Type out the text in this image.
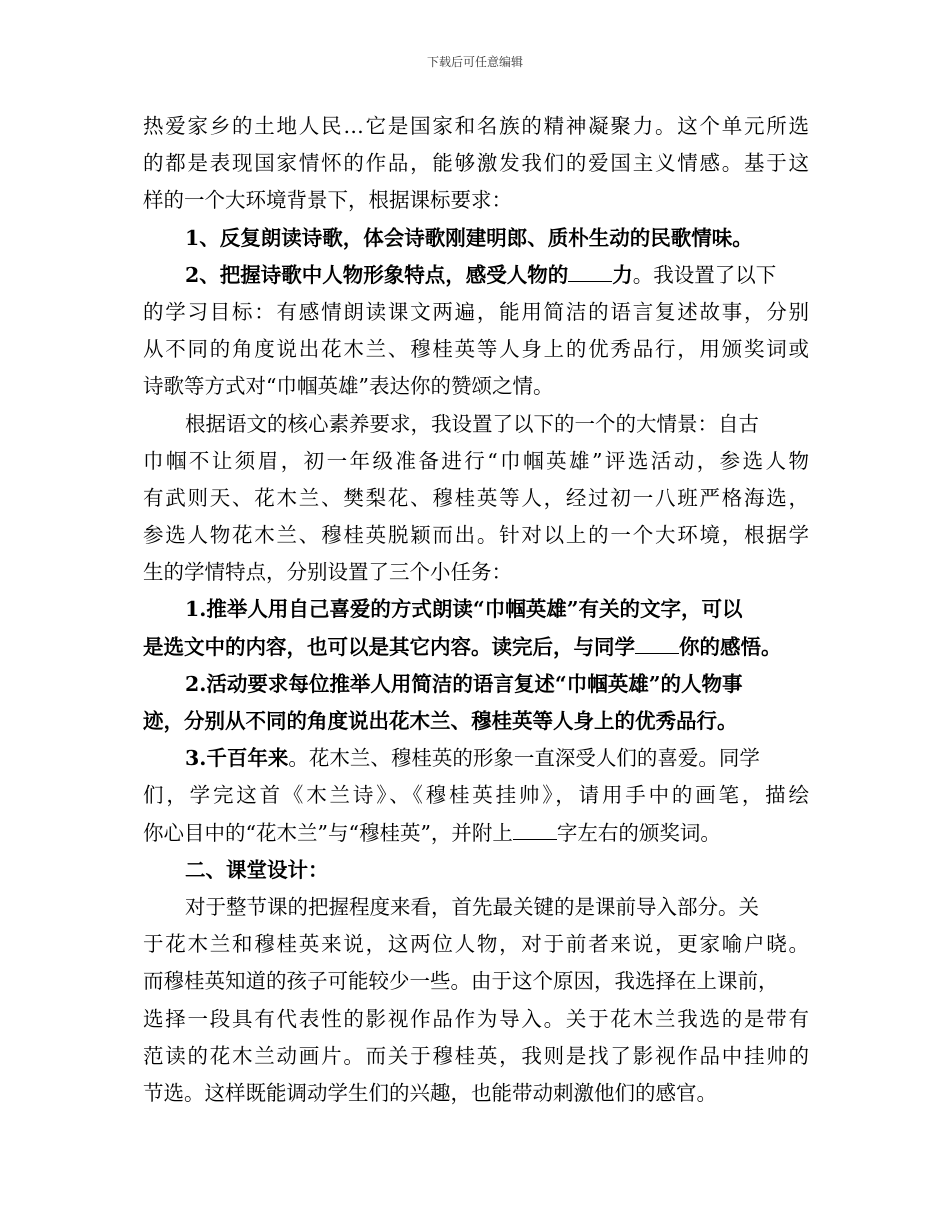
下载后可任意编辑
热爱家乡的土地人民…它是国家和名族的精神凝聚力。这个单元所选
的都是表现国家情怀的作品，能够激发我们的爱国主义情感。基于这
样的一个大环境背景下，根据课标要求：
1、反复朗读诗歌，体会诗歌刚建明郎、质朴生动的民歌情味。
2、把握诗歌中人物形象特点，感受人物的 力。我设置了以下
的学习目标：有感情朗读课文两遍，能用简洁的语言复述故事，分别
从不同的角度说出花木兰、穆桂英等人身上的优秀品行，用颁奖词或
诗歌等方式对“巾帼英雄”表达你的赞颂之情。
根据语文的核心素养要求，我设置了以下的一个的大情景：自古
巾帼不让须眉，初一年级准备进行“巾帼英雄”评选活动，参选人物
有武则天、花木兰、樊梨花、穆桂英等人，经过初一八班严格海选，
参选人物花木兰、穆桂英脱颖而出。针对以上的一个大环境，根据学
生的学情特点，分别设置了三个小任务：
1.推举人用自己喜爱的方式朗读“巾帼英雄”有关的文字，可以
是选文中的内容，也可以是其它内容。读完后，与同学 你的感悟。
2.活动要求每位推举人用简洁的语言复述“巾帼英雄”的人物事
迹，分别从不同的角度说出花木兰、穆桂英等人身上的优秀品行。
3.千百年来。花木兰、穆桂英的形象一直深受人们的喜爱。同学
们，学完这首《木兰诗》、《穆桂英挂帅》，请用手中的画笔，描绘
你心目中的“花木兰”与“穆桂英”，并附上 字左右的颁奖词。
二、课堂设计：
对于整节课的把握程度来看，首先最关键的是课前导入部分。关
于花木兰和穆桂英来说，这两位人物，对于前者来说，更家喻户晓。
而穆桂英知道的孩子可能较少一些。由于这个原因，我选择在上课前，
选择一段具有代表性的影视作品作为导入。关于花木兰我选的是带有
范读的花木兰动画片。而关于穆桂英，我则是找了影视作品中挂帅的
节选。这样既能调动学生们的兴趣，也能带动刺激他们的感官。
